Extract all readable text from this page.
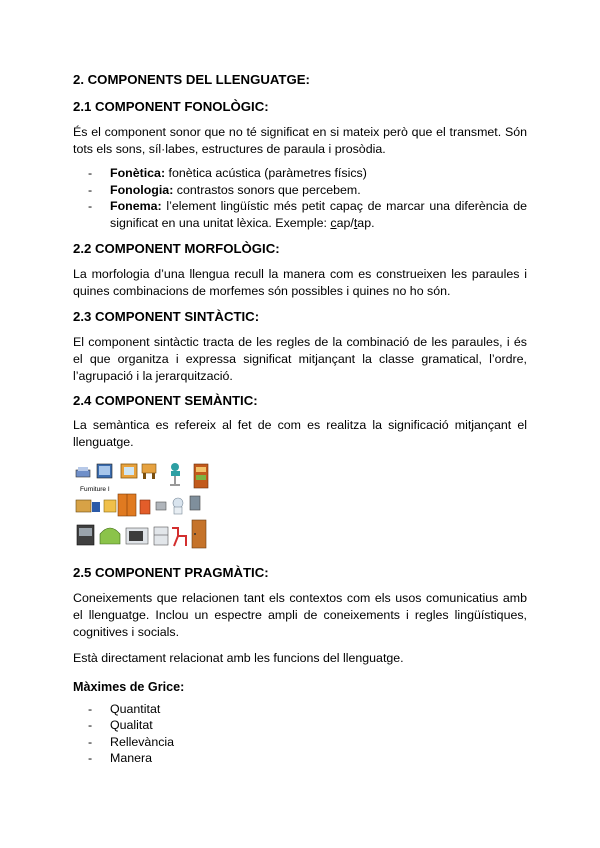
2. COMPONENTS DEL LLENGUATGE:
2.1 COMPONENT FONOLÒGIC:
És el component sonor que no té significat en si mateix però que el transmet. Són tots els sons, síl·labes, estructures de paraula i prosòdia.
- Fonètica: fonètica acústica (paràmetres físics)
- Fonologia: contrastos sonors que percebem.
- Fonema: l’element lingüístic més petit capaç de marcar una diferència de significat en una unitat lèxica. Exemple: cap/tap.
2.2 COMPONENT MORFOLÒGIC:
La morfologia d’una llengua recull la manera com es construeixen les paraules i quines combinacions de morfemes són possibles i quines no ho són.
2.3 COMPONENT SINTÀCTIC:
El component sintàctic tracta de les regles de la combinació de les paraules, i és el que organitza i expressa significat mitjançant la classe gramatical, l’ordre, l’agrupació i la jerarquització.
2.4 COMPONENT SEMÀNTIC:
La semàntica es refereix al fet de com es realitza la significació mitjançant el llenguatge.
Furniture I
2.5 COMPONENT PRAGMÀTIC:
Coneixements que relacionen tant els contextos com els usos comunicatius amb el llenguatge. Inclou un espectre ampli de coneixements i regles lingüístiques, cognitives i socials.
Està directament relacionat amb les funcions del llenguatge.
Màximes de Grice:
- Quantitat
- Qualitat
- Rellevància
- Manera
